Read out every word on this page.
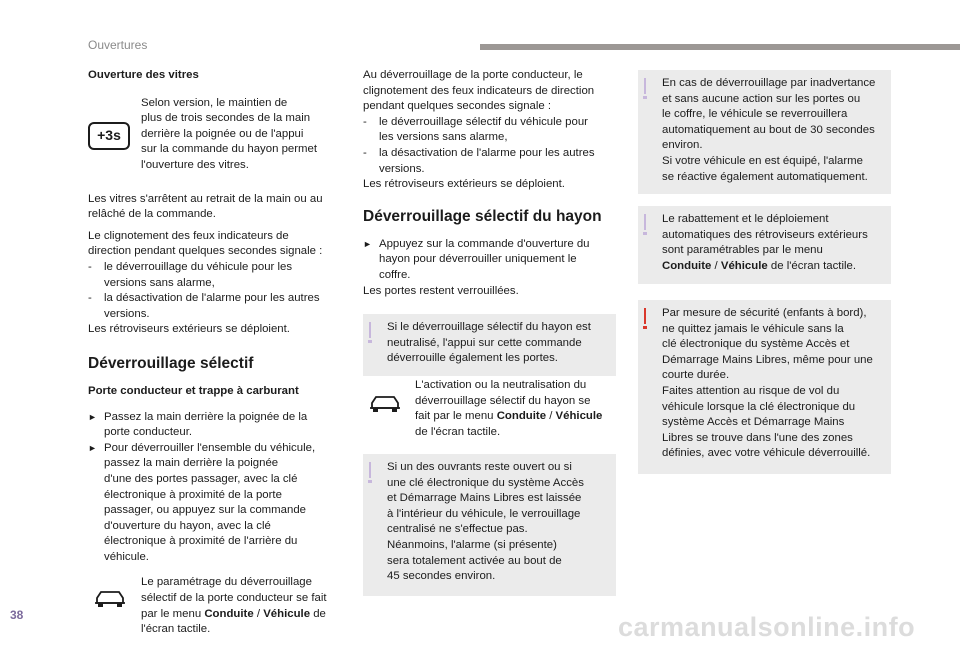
Ouvertures

Ouverture des vitres

+3s

Selon version, le maintien de

plus de trois secondes de la main

derrière la poignée ou de l'appui

sur la commande du hayon permet

l'ouverture des vitres.

Les vitres s'arrêtent au retrait de la main ou au

relâché de la commande.

Le clignotement des feux indicateurs de

direction pendant quelques secondes signale :

-	le déverrouillage du véhicule pour les

versions sans alarme,

-	la désactivation de l'alarme pour les autres

versions.

Les rétroviseurs extérieurs se déploient.

Déverrouillage sélectif

Porte conducteur et trappe à carburant

► Passez la main derrière la poignée de la

porte conducteur.

► Pour déverrouiller l'ensemble du véhicule,

passez la main derrière la poignée

d'une des portes passager, avec la clé

électronique à proximité de la porte

passager, ou appuyez sur la commande

d'ouverture du hayon, avec la clé

électronique à proximité de l'arrière du

véhicule.

Le paramétrage du déverrouillage

sélectif de la porte conducteur se fait

par le menu Conduite / Véhicule de

l'écran tactile.

Au déverrouillage de la porte conducteur, le

clignotement des feux indicateurs de direction

pendant quelques secondes signale :

-	le déverrouillage sélectif du véhicule pour

les versions sans alarme,

-	la désactivation de l'alarme pour les autres

versions.

Les rétroviseurs extérieurs se déploient.

Déverrouillage sélectif du hayon
► Appuyez sur la commande d'ouverture du

hayon pour déverrouiller uniquement le

coffre.

Les portes restent verrouillées.

Si le déverrouillage sélectif du hayon est

neutralisé, l'appui sur cette commande

déverrouille également les portes.

L'activation ou la neutralisation du

déverrouillage sélectif du hayon se

fait par le menu Conduite / Véhicule

de l'écran tactile.

Si un des ouvrants reste ouvert ou si

une clé électronique du système Accès

et Démarrage Mains Libres est laissée

à l'intérieur du véhicule, le verrouillage

centralisé ne s'effectue pas.

Néanmoins, l'alarme (si présente)

sera totalement activée au bout de

45 secondes environ.

En cas de déverrouillage par inadvertance

et sans aucune action sur les portes ou

le coffre, le véhicule se reverrouillera

automatiquement au bout de 30 secondes

environ.

Si votre véhicule en est équipé, l'alarme

se réactive également automatiquement.

Le rabattement et le déploiement

automatiques des rétroviseurs extérieurs

sont paramétrables par le menu

Conduite / Véhicule de l'écran tactile.

Par mesure de sécurité (enfants à bord),

ne quittez jamais le véhicule sans la

clé électronique du système Accès et

Démarrage Mains Libres, même pour une

courte durée.

Faites attention au risque de vol du

véhicule lorsque la clé électronique du

système Accès et Démarrage Mains

Libres se trouve dans l'une des zones

définies, avec votre véhicule déverrouillé.

38	carmanualsonline.info
